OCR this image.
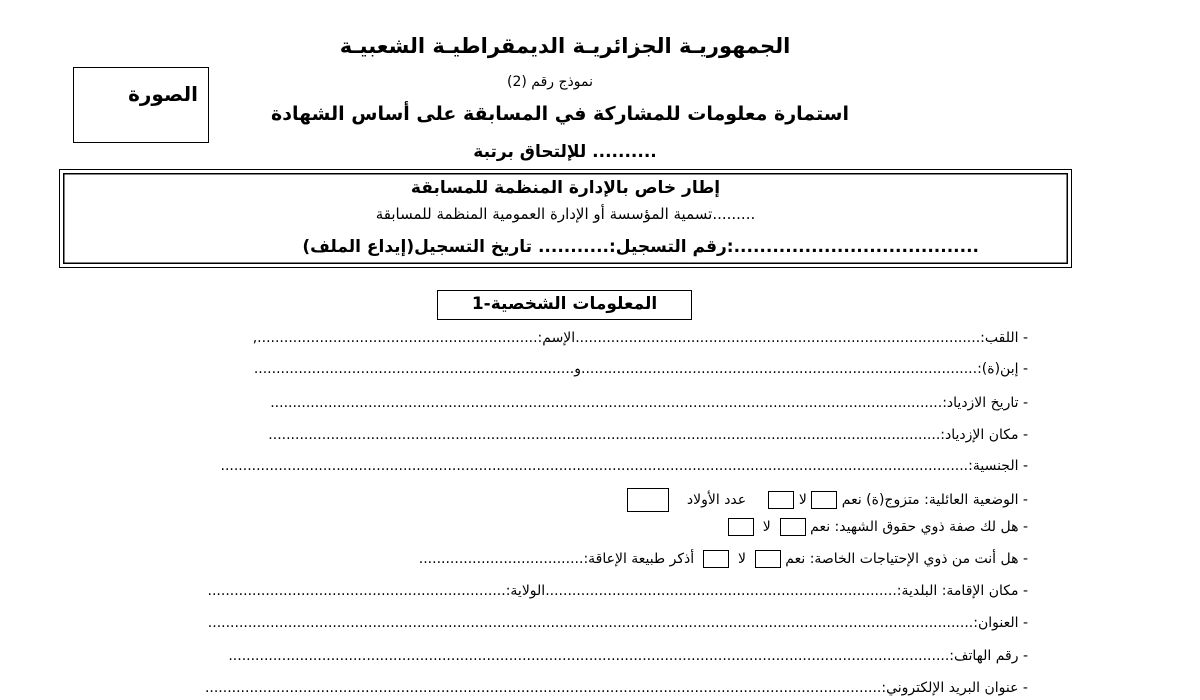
الجمهوريـة الجزائريـة الديمقراطيـة الشعبيـة
نموذج رقم (2)
استمارة معلومات للمشاركة في المسابقة على أساس الشهادة
للإلتحاق برتبة ..........
الصورة
إطار خاص بالإدارة المنظمة للمسابقة
تسمية المؤسسة أو الإدارة العمومية المنظمة للمسابقة.........
رقم التسجيل:........... تاريخ التسجيل(إيداع الملف):......................................
1-المعلومات الشخصية
- اللقب:...........................................................................................الإسم:...............................................................,
- إبن(ة):.........................................................................................و........................................................................
- تاريخ الازدياد:.......................................................................................................................................................
- مكان الإزدياد:.......................................................................................................................................................
- الجنسية:........................................................................................................................................................................
- الوضعية العائلية: متزوج(ة) نعم  لا      عدد الأولاد
- هل لك صفة ذوي حقوق الشهيد: نعم   لا
- هل أنت من ذوي الإحتياجات الخاصة: نعم   لا    أذكر طبيعة الإعاقة:.....................................
- مكان الإقامة: البلدية:...............................................................................الولاية:...................................................................
- العنوان:............................................................................................................................................................................
- رقم الهاتف:..................................................................................................................................................................
- عنوان البريد الإلكتروني:........................................................................................................................................................
